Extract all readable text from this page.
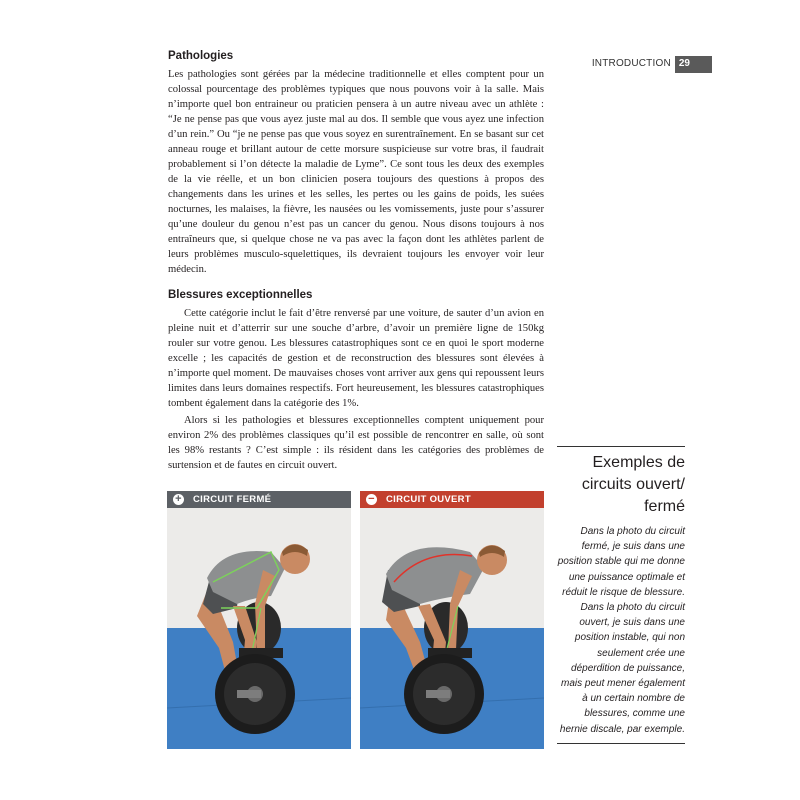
INTRODUCTION 29
Pathologies

Les pathologies sont gérées par la médecine traditionnelle et elles comptent pour un colossal pourcentage des problèmes typiques que nous pouvons voir à la salle. Mais n’importe quel bon entraineur ou praticien pensera à un autre niveau avec un athlète : “Je ne pense pas que vous ayez juste mal au dos. Il semble que vous ayez une infection d’un rein.” Ou “je ne pense pas que vous soyez en surentraînement. En se basant sur cet anneau rouge et brillant autour de cette morsure suspicieuse sur votre bras, il faudrait probablement si l’on détecte la maladie de Lyme”. Ce sont tous les deux des exemples de la vie réelle, et un bon clinicien posera toujours des questions à propos des changements dans les urines et les selles, les pertes ou les gains de poids, les suées nocturnes, les malaises, la fièvre, les nausées ou les vomissements, juste pour s’assurer qu’une douleur du genou n’est pas un cancer du genou. Nous disons toujours à nos entraîneurs que, si quelque chose ne va pas avec la façon dont les athlètes parlent de leurs problèmes musculo-squelettiques, ils devraient toujours les envoyer voir leur médecin.

Blessures exceptionnelles

Cette catégorie inclut le fait d’être renversé par une voiture, de sauter d’un avion en pleine nuit et d’atterrir sur une souche d’arbre, d’avoir un première ligne de 150kg rouler sur votre genou. Les blessures catastrophiques sont ce en quoi le sport moderne excelle ; les capacités de gestion et de reconstruction des blessures sont élevées à n’importe quel moment. De mauvaises choses vont arriver aux gens qui repoussent leurs limites dans leurs domaines respectifs. Fort heureusement, les blessures catastrophiques tombent également dans la catégorie des 1%.

Alors si les pathologies et blessures exceptionnelles comptent uniquement pour environ 2% des problèmes classiques qu’il est possible de rencontrer en salle, où sont les 98% restants ? C’est simple : ils résident dans les catégories des problèmes de surtension et de fautes en circuit ouvert.	Exemples de circuits ouvert/ fermé

Dans la photo du circuit fermé, je suis dans une position stable qui me donne une puissance optimale et réduit le risque de blessure. Dans la photo du circuit ouvert, je suis dans une position instable, qui non seulement crée une déperdition de puissance, mais peut mener également à un certain nombre de blessures, comme une hernie discale, par exemple.

+ CIRCUIT FERMÉ	− CIRCUIT OUVERT
